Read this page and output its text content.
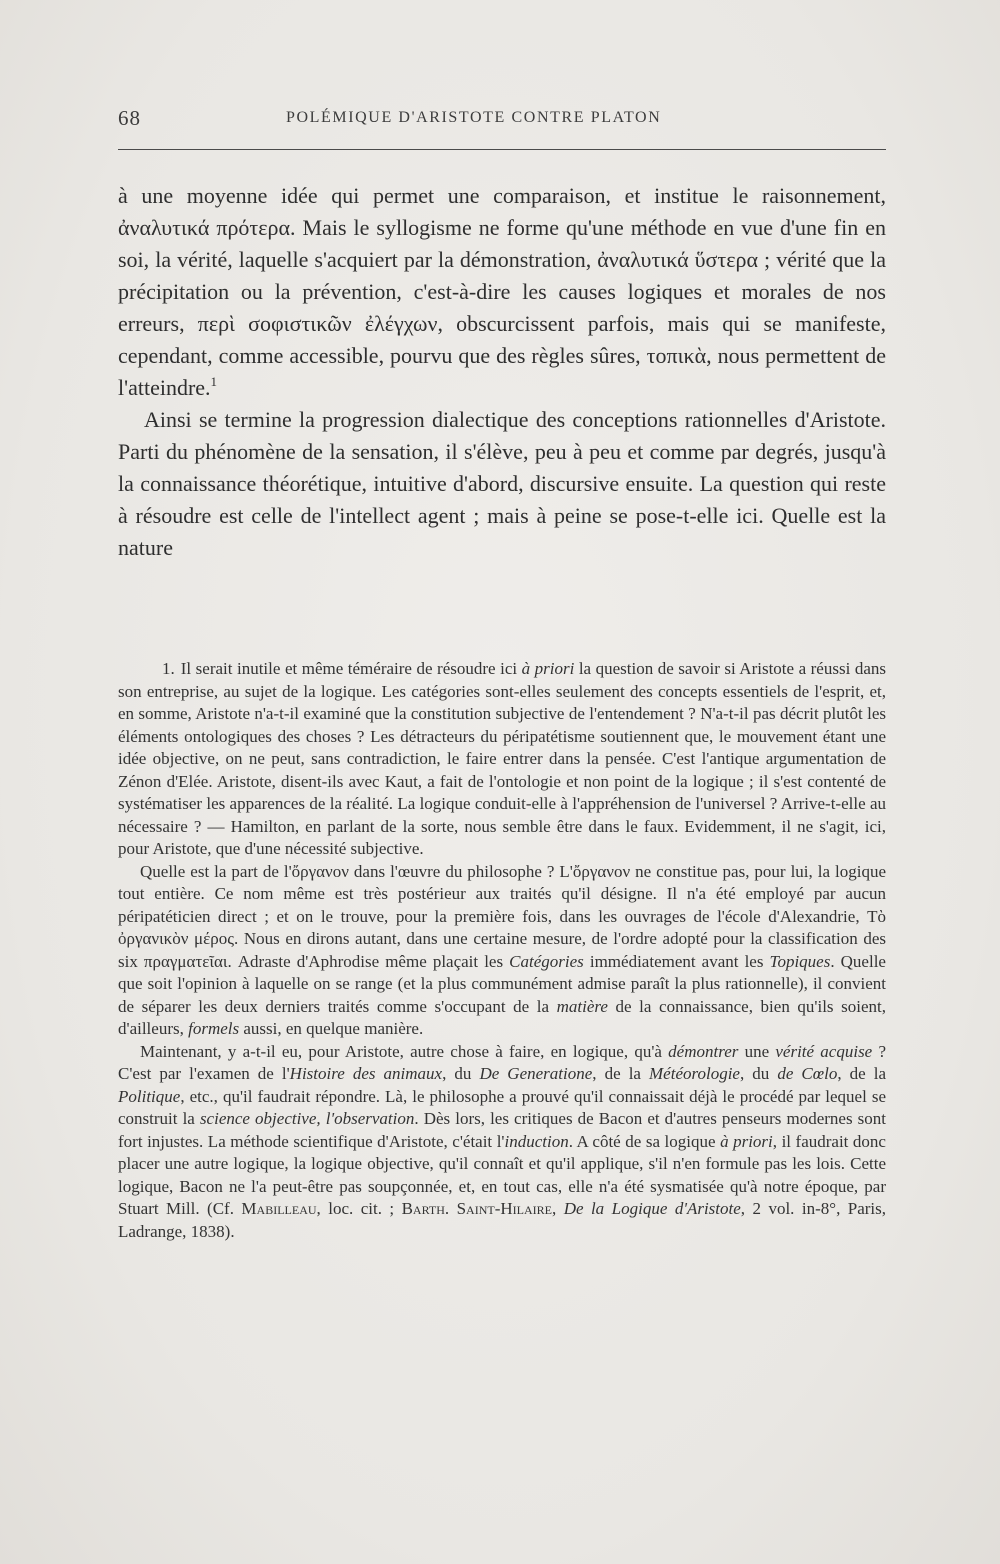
68	POLÉMIQUE D'ARISTOTE CONTRE PLATON

à une moyenne idée qui permet une comparaison, et institue le raisonnement, ἀναλυτικά πρότερα. Mais le syllogisme ne forme qu'une méthode en vue d'une fin en soi, la vérité, laquelle s'acquiert par la démonstration, ἀναλυτικά ὕστερα ; vérité que la précipitation ou la prévention, c'est-à-dire les causes logiques et morales de nos erreurs, περὶ σοφιστικῶν ἐλέγχων, obscurcissent parfois, mais qui se manifeste, cependant, comme accessible, pourvu que des règles sûres, τοπικὰ, nous permettent de l'atteindre.$^1$

Ainsi se termine la progression dialectique des conceptions rationnelles d'Aristote. Parti du phénomène de la sensation, il s'élève, peu à peu et comme par degrés, jusqu'à la connaissance théorétique, intuitive d'abord, discursive ensuite. La question qui reste à résoudre est celle de l'intellect agent ; mais à peine se pose-t-elle ici. Quelle est la nature

1. Il serait inutile et même téméraire de résoudre ici à priori la question de savoir si Aristote a réussi dans son entreprise, au sujet de la logique. Les catégories sont-elles seulement des concepts essentiels de l'esprit, et, en somme, Aristote n'a-t-il examiné que la constitution subjective de l'entendement ? N'a-t-il pas décrit plutôt les éléments ontologiques des choses ? Les détracteurs du péripatétisme soutiennent que, le mouvement étant une idée objective, on ne peut, sans contradiction, le faire entrer dans la pensée. C'est l'antique argumentation de Zénon d'Elée. Aristote, disent-ils avec Kaut, a fait de l'ontologie et non point de la logique ; il s'est contenté de systématiser les apparences de la réalité. La logique conduit-elle à l'appréhension de l'universel ? Arrive-t-elle au nécessaire ? — Hamilton, en parlant de la sorte, nous semble être dans le faux. Evidemment, il ne s'agit, ici, pour Aristote, que d'une nécessité subjective.

Quelle est la part de l'ὄργανον dans l'œuvre du philosophe ? L'ὄργανον ne constitue pas, pour lui, la logique tout entière. Ce nom même est très postérieur aux traités qu'il désigne. Il n'a été employé par aucun péripatéticien direct ; et on le trouve, pour la première fois, dans les ouvrages de l'école d'Alexandrie, Τὸ ὀργανικὸν μέρος. Nous en dirons autant, dans une certaine mesure, de l'ordre adopté pour la classification des six πραγματεῖαι. Adraste d'Aphrodise même plaçait les Catégories immédiatement avant les Topiques. Quelle que soit l'opinion à laquelle on se range (et la plus communément admise paraît la plus rationnelle), il convient de séparer les deux derniers traités comme s'occupant de la matière de la connaissance, bien qu'ils soient, d'ailleurs, formels aussi, en quelque manière.

Maintenant, y a-t-il eu, pour Aristote, autre chose à faire, en logique, qu'à démontrer une vérité acquise ? C'est par l'examen de l'Histoire des animaux, du De Generatione, de la Météorologie, du de Cœlo, de la Politique, etc., qu'il faudrait répondre. Là, le philosophe a prouvé qu'il connaissait déjà le procédé par lequel se construit la science objective, l'observation. Dès lors, les critiques de Bacon et d'autres penseurs modernes sont fort injustes. La méthode scientifique d'Aristote, c'était l'induction. A côté de sa logique à priori, il faudrait donc placer une autre logique, la logique objective, qu'il connaît et qu'il applique, s'il n'en formule pas les lois. Cette logique, Bacon ne l'a peut-être pas soupçonnée, et, en tout cas, elle n'a été sysmatisée qu'à notre époque, par Stuart Mill. (Cf. Mabilleau, loc. cit. ; Barth. Saint-Hilaire, De la Logique d'Aristote, 2 vol. in-8°, Paris, Ladrange, 1838).
